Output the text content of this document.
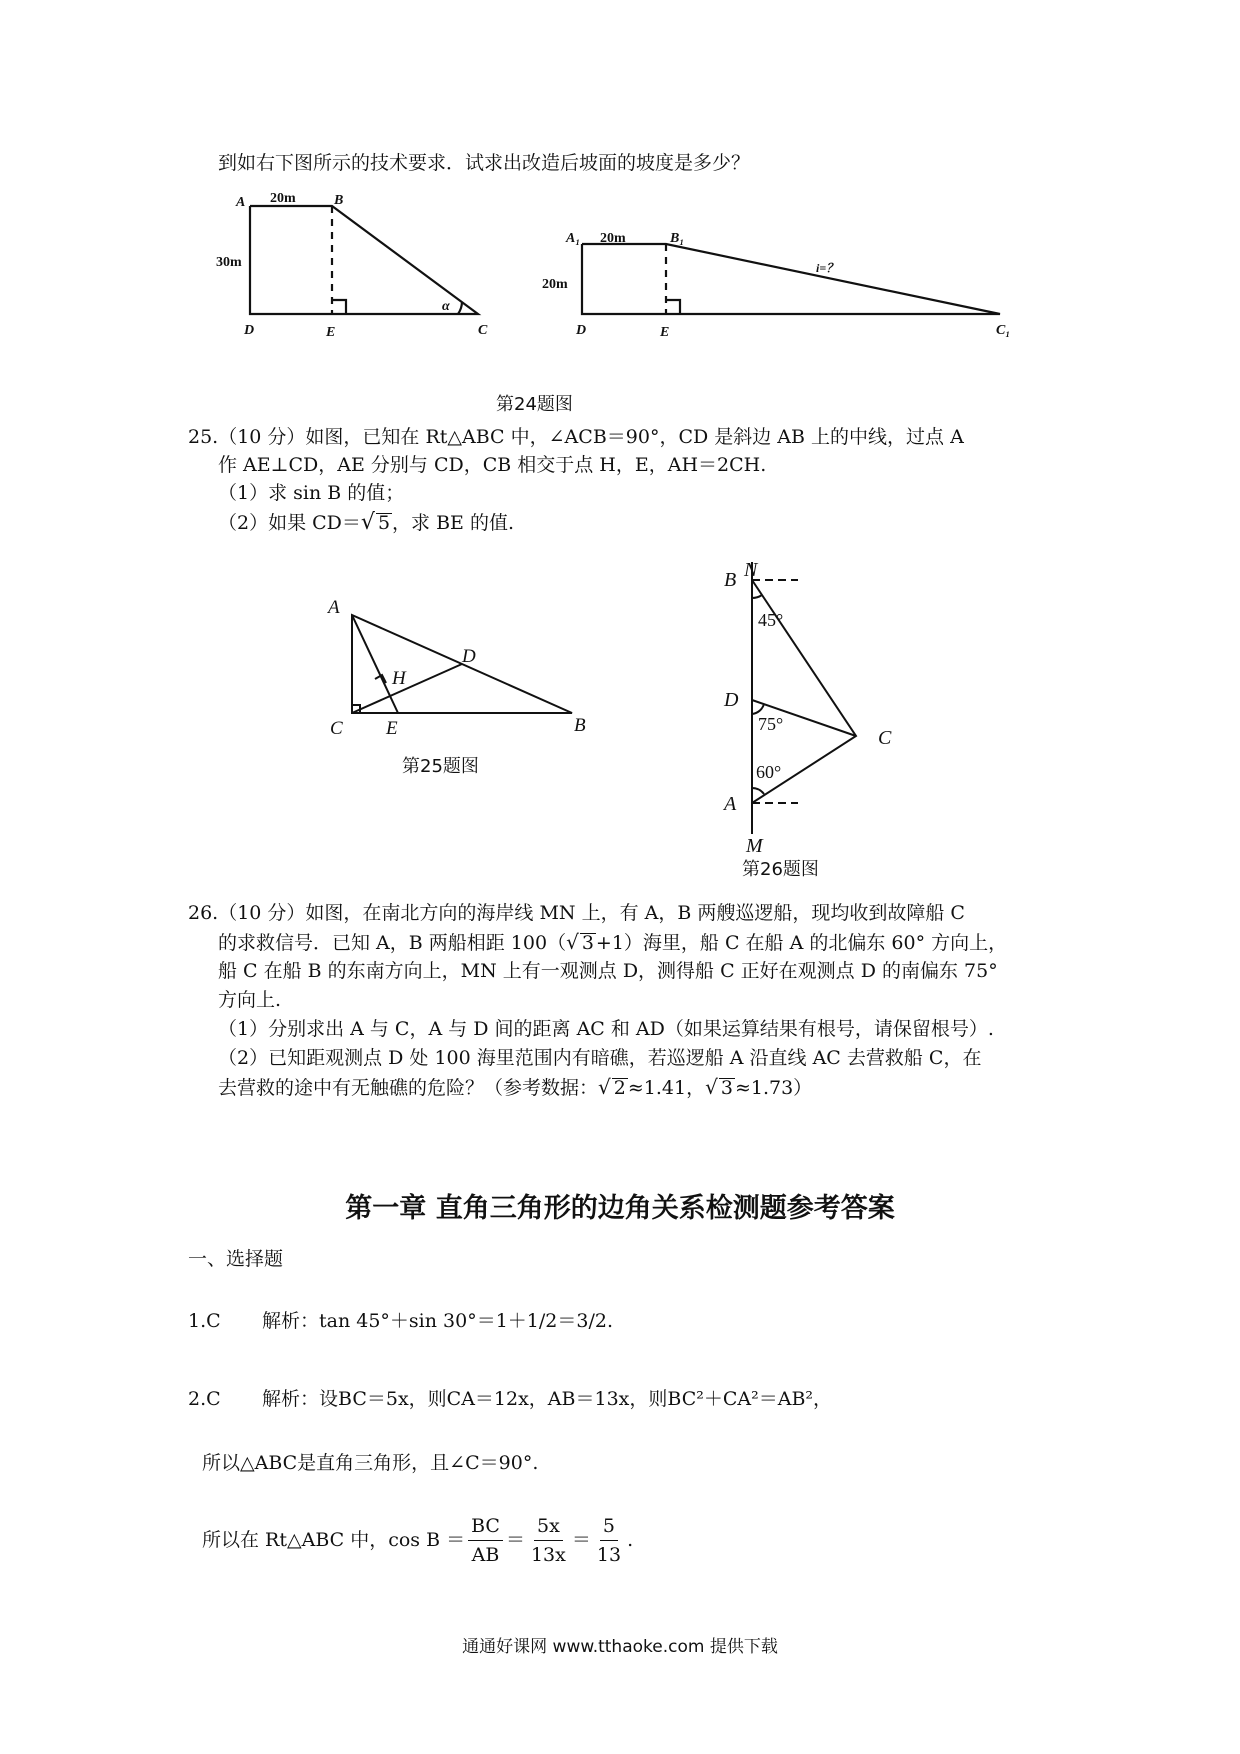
到如右下图所示的技术要求．试求出改造后坡面的坡度是多少？
A	B
C
D	E
20m
30m
α
A₁	B₁
C₁
D	E
20m
20m
i=？
第24题图
25.（10 分）如图，已知在 Rt△ABC 中，∠ACB＝90°，CD 是斜边 AB 上的中线，过点 A
作 AE⊥CD，AE 分别与 CD，CB 相交于点 H，E，AH＝2CH.
（1）求 sin B 的值；
（2）如果 CD＝√ 5 ，求 BE 的值.
A
D
H
C E	B
第25题图
N
B
D
C
A
M
45°
75°
60°
第26题图
26.（10 分）如图，在南北方向的海岸线 MN 上，有 A，B 两艘巡逻船，现均收到故障船 C
的求救信号．已知 A，B 两船相距 100（√ 3 +1）海里，船 C 在船 A 的北偏东 60° 方向上，
船 C 在船 B 的东南方向上，MN 上有一观测点 D，测得船 C 正好在观测点 D 的南偏东 75°
方向上.
（1）分别求出 A 与 C，A 与 D 间的距离 AC 和 AD（如果运算结果有根号，请保留根号）.
（2）已知距观测点 D 处 100 海里范围内有暗礁，若巡逻船 A 沿直线 AC 去营救船 C，在
去营救的途中有无触礁的危险？（参考数据：√ 2 ≈1.41，√ 3 ≈1.73）
第一章 直角三角形的边角关系检测题参考答案
一、选择题
1.C 解析：tan 45°＋sin 30°＝1＋1/2＝3/2.
2.C 解析：设BC＝5x，则CA＝12x，AB＝13x，则BC²＋CA²＝AB²，
所以△ABC是直角三角形，且∠C＝90°.
所以在 Rt△ABC 中，$\cos B = \frac{BC}{AB} = \frac{5x}{13x} = \frac{5}{13}$ .
通通好课网 www.tthaoke.com 提供下载
